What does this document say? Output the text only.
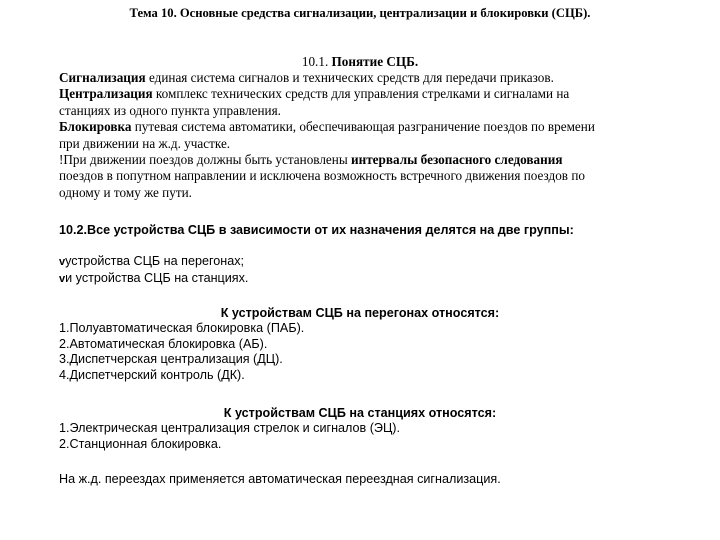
Тема 10. Основные средства сигнализации, централизации и блокировки (СЦБ).
10.1. Понятие СЦБ.
Сигнализация единая система сигналов и технических средств для передачи приказов.
Централизация комплекс технических средств для управления стрелками и сигналами на
станциях из одного пункта управления.
Блокировка путевая система автоматики, обеспечивающая разграничение поездов по времени
при движении на ж.д. участке.
!При движении поездов должны быть установлены интервалы безопасного следования
поездов в попутном направлении и исключена возможность встречного движения поездов по
одному и тому же пути.
10.2.Все устройства СЦБ в зависимости от их назначения делятся на две группы:
vустройства СЦБ на перегонах;
vи устройства СЦБ на станциях.
К устройствам СЦБ на перегонах относятся:
1.Полуавтоматическая блокировка (ПАБ).
2.Автоматическая блокировка (АБ).
3.Диспетчерская централизация (ДЦ).
4.Диспетчерский контроль (ДК).
К устройствам СЦБ на станциях относятся:
1.Электрическая централизация стрелок и сигналов (ЭЦ).
2.Станционная блокировка.
На ж.д. переездах применяется автоматическая переездная сигнализация.
